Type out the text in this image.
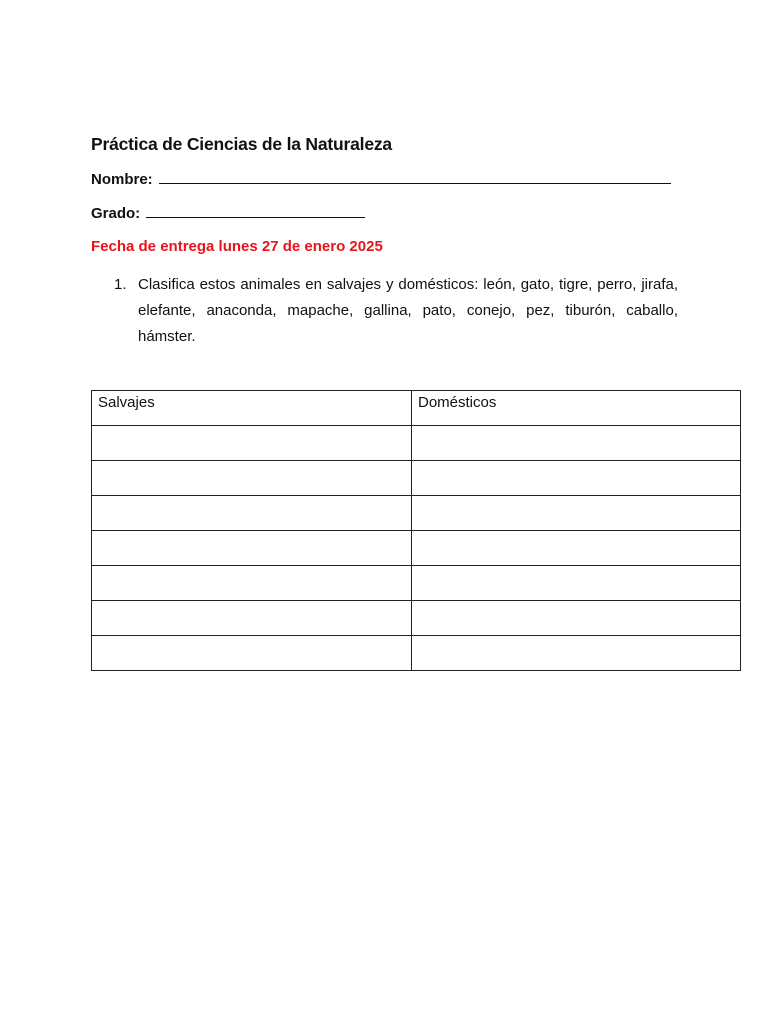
Práctica de Ciencias de la Naturaleza
Nombre:
Grado:
Fecha de entrega lunes 27 de enero 2025
1. Clasifica estos animales en salvajes y domésticos: león, gato, tigre, perro, jirafa, elefante, anaconda, mapache, gallina, pato, conejo, pez, tiburón, caballo, hámster.
Salvajes	Domésticos
